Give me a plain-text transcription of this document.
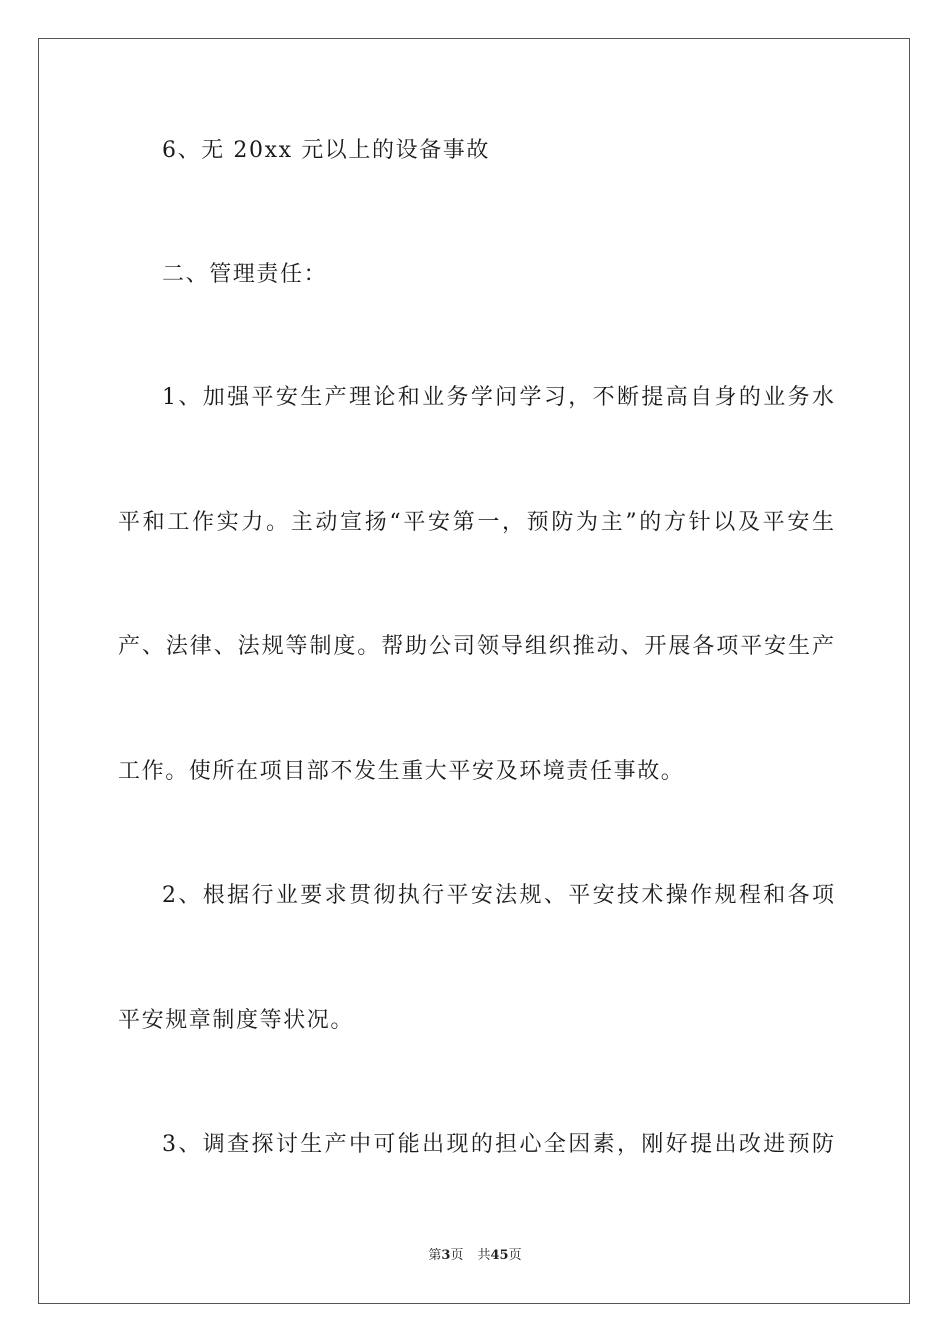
6、无 20xx 元以上的设备事故
二、管理责任：
1、加强平安生产理论和业务学问学习，不断提高自身的业务水
平和工作实力。主动宣扬“平安第一，预防为主”的方针以及平安生
产、法律、法规等制度。帮助公司领导组织推动、开展各项平安生产
工作。使所在项目部不发生重大平安及环境责任事故。
2、根据行业要求贯彻执行平安法规、平安技术操作规程和各项
平安规章制度等状况。
3、调查探讨生产中可能出现的担心全因素，刚好提出改进预防
第3页 共45页
